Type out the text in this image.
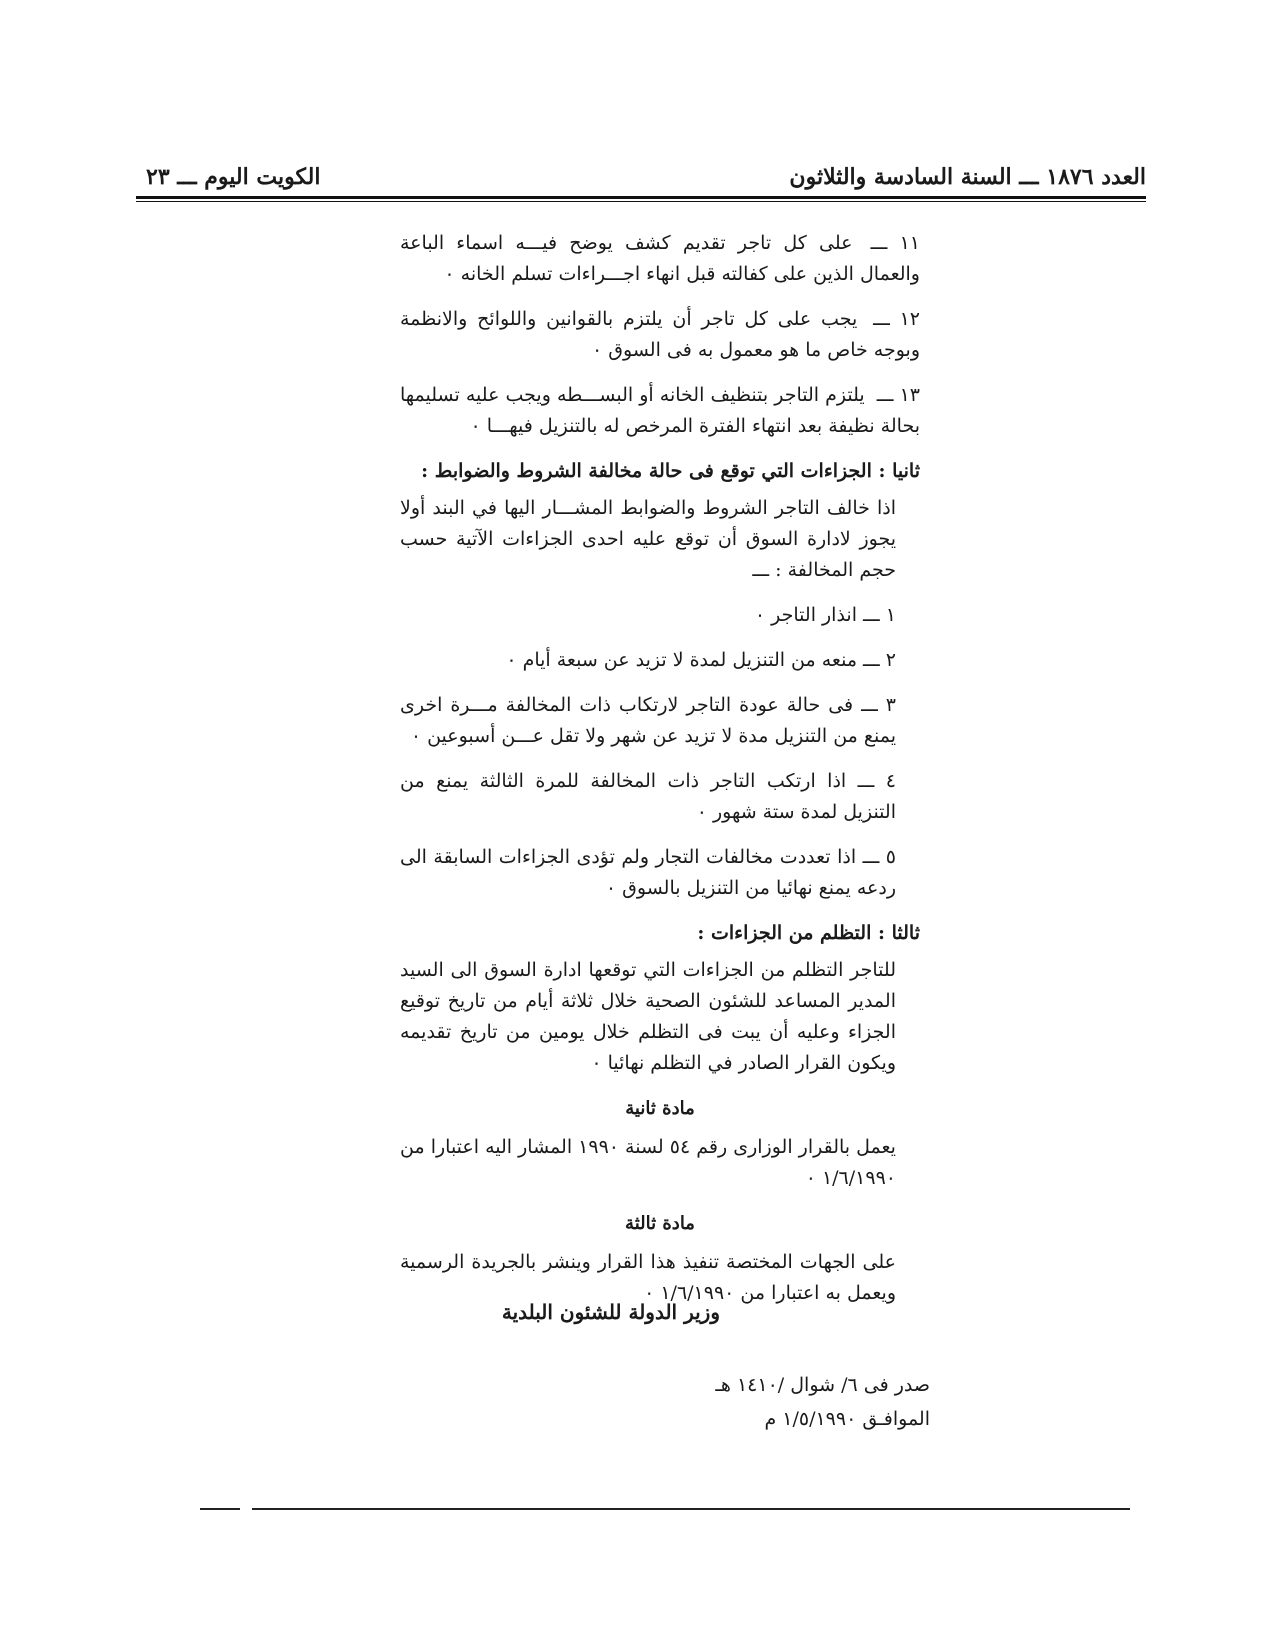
العدد ١٨٧٦ ـــ السنة السادسة والثلاثون
الكويت اليوم ـــ ٢٣

١١ ـــ على كل تاجر تقديم كشف يوضح فيـــه اسماء الباعة والعمال الذين على كفالته قبل انهاء اجـــراءات تسلم الخانه ٠

١٢ ـــ يجب على كل تاجر أن يلتزم بالقوانين واللوائح والانظمة وبوجه خاص ما هو معمول به فى السوق ٠

١٣ ـــ يلتزم التاجر بتنظيف الخانه أو البســـطه ويجب عليه تسليمها بحالة نظيفة بعد انتهاء الفترة المرخص له بالتنزيل فيهـــا ٠

ثانيا : الجزاءات التي توقع فى حالة مخالفة الشروط والضوابط :

اذا خالف التاجر الشروط والضوابط المشـــار اليها في البند أولا يجوز لادارة السوق أن توقع عليه احدى الجزاءات الآتية حسب حجم المخالفة : ـــ

١ ـــ انذار التاجر ٠

٢ ـــ منعه من التنزيل لمدة لا تزيد عن سبعة أيام ٠

٣ ـــ فى حالة عودة التاجر لارتكاب ذات المخالفة مـــرة اخرى يمنع من التنزيل مدة لا تزيد عن شهر ولا تقل عـــن أسبوعين ٠

٤ ـــ اذا ارتكب التاجر ذات المخالفة للمرة الثالثة يمنع من التنزيل لمدة ستة شهور ٠

٥ ـــ اذا تعددت مخالفات التجار ولم تؤدى الجزاءات السابقة الى ردعه يمنع نهائيا من التنزيل بالسوق ٠

ثالثا : التظلم من الجزاءات :

للتاجر التظلم من الجزاءات التي توقعها ادارة السوق الى السيد المدير المساعد للشئون الصحية خلال ثلاثة أيام من تاريخ توقيع الجزاء وعليه أن يبت فى التظلم خلال يومين من تاريخ تقديمه ويكون القرار الصادر في التظلم نهائيا ٠

مادة ثانية

يعمل بالقرار الوزارى رقم ٥٤ لسنة ١٩٩٠ المشار اليه اعتبارا من ١/٦/١٩٩٠ ٠

مادة ثالثة

على الجهات المختصة تنفيذ هذا القرار وينشر بالجريدة الرسمية ويعمل به اعتبارا من ١/٦/١٩٩٠ ٠

وزير الدولة للشئون البلدية
صدر فى ٦/ شوال /١٤١٠ هـ
الموافـق ١/٥/١٩٩٠ م
